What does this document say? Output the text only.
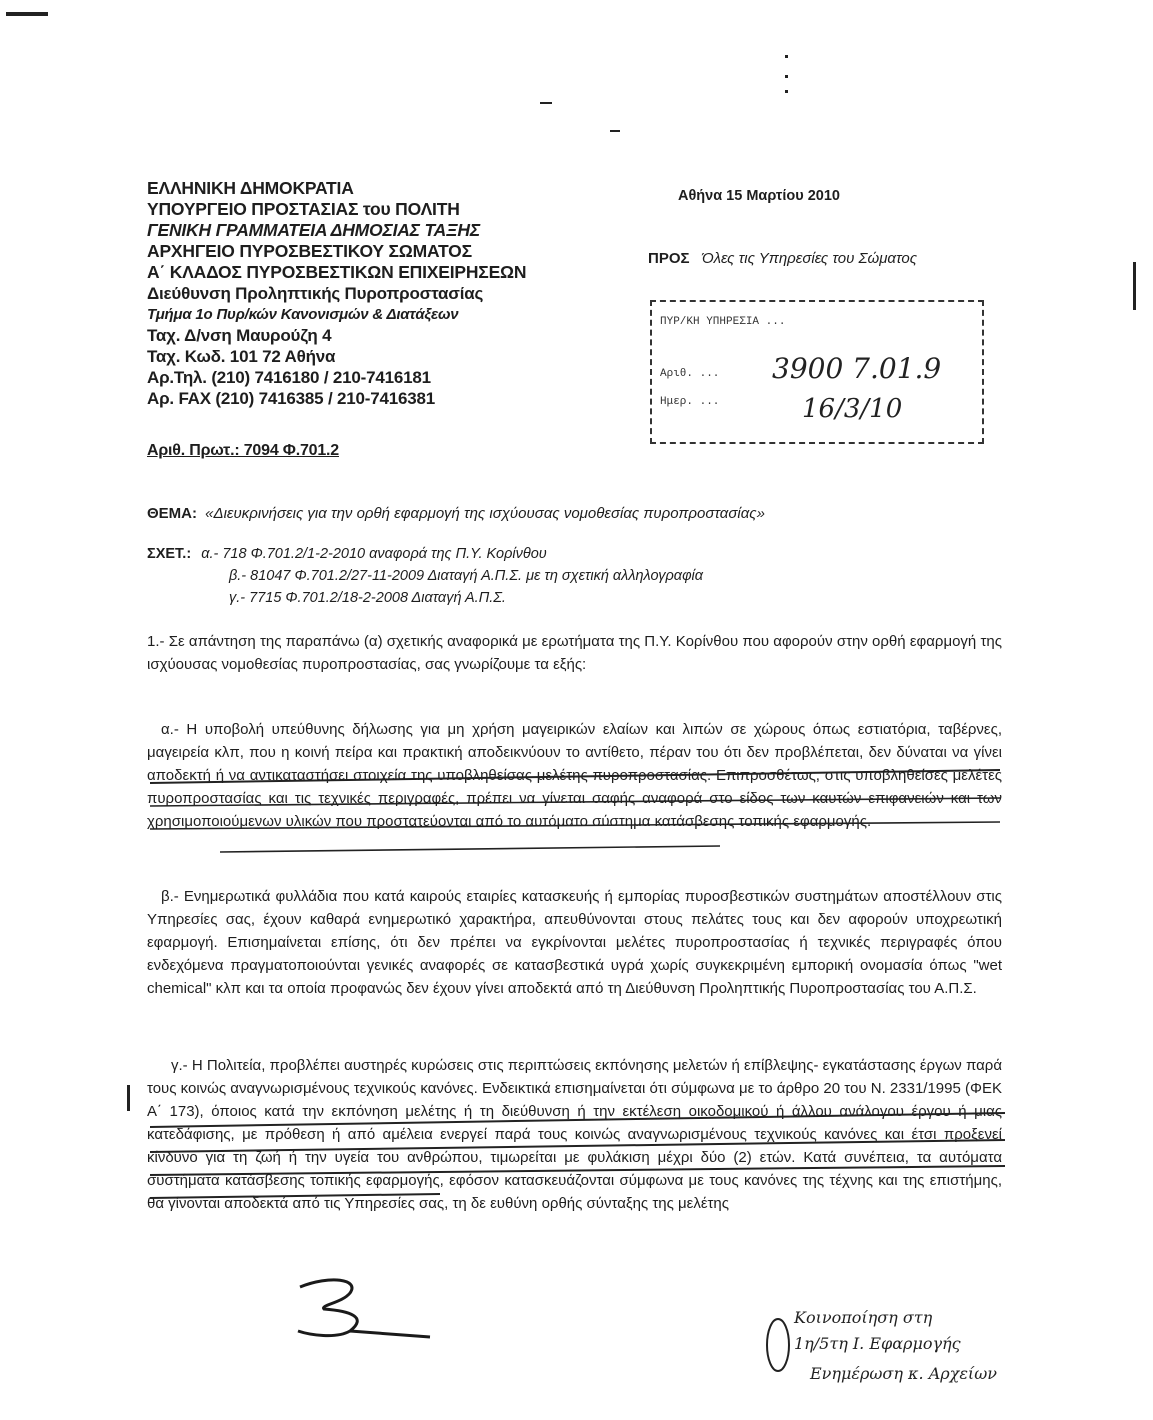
ΕΛΛΗΝΙΚΗ ΔΗΜΟΚΡΑΤΙΑ
ΥΠΟΥΡΓΕΙΟ ΠΡΟΣΤΑΣΙΑΣ του ΠΟΛΙΤΗ
ΓΕΝΙΚΗ ΓΡΑΜΜΑΤΕΙΑ ΔΗΜΟΣΙΑΣ ΤΑΞΗΣ
ΑΡΧΗΓΕΙΟ ΠΥΡΟΣΒΕΣΤΙΚΟΥ ΣΩΜΑΤΟΣ
Α΄ ΚΛΑΔΟΣ ΠΥΡΟΣΒΕΣΤΙΚΩΝ ΕΠΙΧΕΙΡΗΣΕΩΝ
Διεύθυνση Προληπτικής Πυροπροστασίας
Τμήμα 1ο Πυρ/κών Κανονισμών & Διατάξεων
Ταχ. Δ/νση Μαυρούζη 4
Ταχ. Κωδ. 101 72 Αθήνα
Αρ.Τηλ. (210) 7416180 / 210-7416181
Αρ. FAX (210) 7416385 / 210-7416381
Αριθ. Πρωτ.: 7094 Φ.701.2
Αθήνα 15 Μαρτίου 2010
ΠΡΟΣ Όλες τις Υπηρεσίες του Σώματος
ΠΥΡ/ΚΗ ΥΠΗΡΕΣΙΑ ...
Αριθ. ...
Ημερ. ...
3900 7.01.9
16/3/10
ΘΕΜΑ: «Διευκρινήσεις για την ορθή εφαρμογή της ισχύουσας νομοθεσίας πυροπροστασίας»
ΣΧΕΤ.: α.- 718 Φ.701.2/1-2-2010 αναφορά της Π.Υ. Κορίνθου
β.- 81047 Φ.701.2/27-11-2009 Διαταγή Α.Π.Σ. με τη σχετική αλληλογραφία
γ.- 7715 Φ.701.2/18-2-2008 Διαταγή Α.Π.Σ.

1.- Σε απάντηση της παραπάνω (α) σχετικής αναφορικά με ερωτήματα της Π.Υ. Κορίνθου που αφορούν στην ορθή εφαρμογή της ισχύουσας νομοθεσίας πυροπροστασίας, σας γνωρίζουμε τα εξής:

α.- Η υποβολή υπεύθυνης δήλωσης για μη χρήση μαγειρικών ελαίων και λιπών σε χώρους όπως εστιατόρια, ταβέρνες, μαγειρεία κλπ, που η κοινή πείρα και πρακτική αποδεικνύουν το αντίθετο, πέραν του ότι δεν προβλέπεται, δεν δύναται να γίνει αποδεκτή ή να αντικαταστήσει στοιχεία της υποβληθείσας μελέτης πυροπροστασίας. Επιπροσθέτως, στις υποβληθείσες μελέτες πυροπροστασίας και τις τεχνικές περιγραφές, πρέπει να γίνεται σαφής αναφορά στο είδος των καυτών επιφανειών και των χρησιμοποιούμενων υλικών που προστατεύονται από το αυτόματο σύστημα κατάσβεσης τοπικής εφαρμογής.

β.- Ενημερωτικά φυλλάδια που κατά καιρούς εταιρίες κατασκευής ή εμπορίας πυροσβεστικών συστημάτων αποστέλλουν στις Υπηρεσίες σας, έχουν καθαρά ενημερωτικό χαρακτήρα, απευθύνονται στους πελάτες τους και δεν αφορούν υποχρεωτική εφαρμογή. Επισημαίνεται επίσης, ότι δεν πρέπει να εγκρίνονται μελέτες πυροπροστασίας ή τεχνικές περιγραφές όπου ενδεχόμενα πραγματοποιούνται γενικές αναφορές σε κατασβεστικά υγρά χωρίς συγκεκριμένη εμπορική ονομασία όπως "wet chemical" κλπ και τα οποία προφανώς δεν έχουν γίνει αποδεκτά από τη Διεύθυνση Προληπτικής Πυροπροστασίας του Α.Π.Σ.

γ.- Η Πολιτεία, προβλέπει αυστηρές κυρώσεις στις περιπτώσεις εκπόνησης μελετών ή επίβλεψης- εγκατάστασης έργων παρά τους κοινώς αναγνωρισμένους τεχνικούς κανόνες. Ενδεικτικά επισημαίνεται ότι σύμφωνα με το άρθρο 20 του Ν. 2331/1995 (ΦΕΚ Α΄ 173), όποιος κατά την εκπόνηση μελέτης ή τη διεύθυνση ή την εκτέλεση οικοδομικού ή άλλου ανάλογου έργου ή μιας κατεδάφισης, με πρόθεση ή από αμέλεια ενεργεί παρά τους κοινώς αναγνωρισμένους τεχνικούς κανόνες και έτσι προξενεί κίνδυνο για τη ζωή ή την υγεία του ανθρώπου, τιμωρείται με φυλάκιση μέχρι δύο (2) ετών. Κατά συνέπεια, τα αυτόματα συστήματα κατάσβεσης τοπικής εφαρμογής, εφόσον κατασκευάζονται σύμφωνα με τους κανόνες της τέχνης και της επιστήμης, θα γίνονται αποδεκτά από τις Υπηρεσίες σας, τη δε ευθύνη ορθής σύνταξης της μελέτης

Κοινοποίηση στη
1η/5τη Ι. Εφαρμογής
Ενημέρωση κ. Αρχείων
